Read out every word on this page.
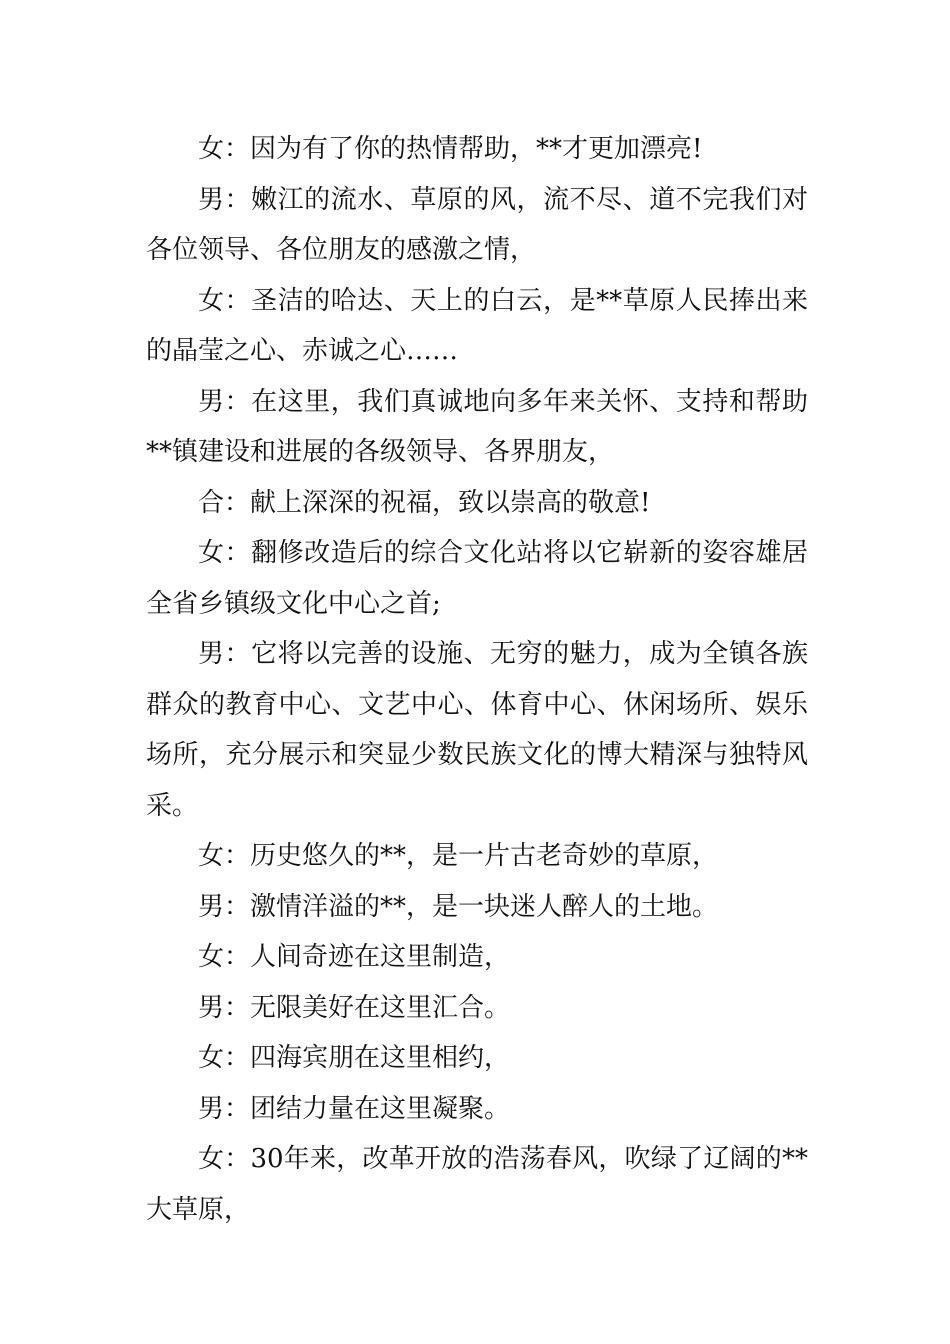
女：因为有了你的热情帮助，**才更加漂亮!

男：嫩江的流水、草原的风，流不尽、道不完我们对各位领导、各位朋友的感激之情，

女：圣洁的哈达、天上的白云，是**草原人民捧出来的晶莹之心、赤诚之心……

男：在这里，我们真诚地向多年来关怀、支持和帮助**镇建设和进展的各级领导、各界朋友，

合：献上深深的祝福，致以崇高的敬意!

女：翻修改造后的综合文化站将以它崭新的姿容雄居全省乡镇级文化中心之首;

男：它将以完善的设施、无穷的魅力，成为全镇各族群众的教育中心、文艺中心、体育中心、休闲场所、娱乐场所，充分展示和突显少数民族文化的博大精深与独特风采。

女：历史悠久的**，是一片古老奇妙的草原，

男：激情洋溢的**，是一块迷人醉人的土地。

女：人间奇迹在这里制造，

男：无限美好在这里汇合。

女：四海宾朋在这里相约，

男：团结力量在这里凝聚。

女：30年来，改革开放的浩荡春风，吹绿了辽阔的**大草原，
